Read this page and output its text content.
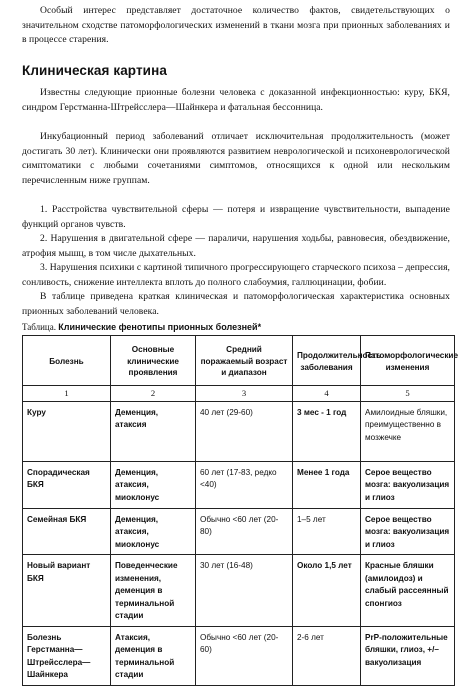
Особый интерес представляет достаточное количество фактов, свидетельствующих о значительном сходстве патоморфологических изменений в ткани мозга при прионных заболеваниях и в процессе старения.
Клиническая картина
Известны следующие прионные болезни человека с доказанной инфекционностью: куру, БКЯ, синдром Герстманна-Штрейсслера—Шайнкера и фатальная бессонница.
Инкубационный период заболеваний отличает исключительная продолжительность (может достигать 30 лет). Клинически они проявляются развитием неврологической и психоневрологической симптоматики с любыми сочетаниями симптомов, относящихся к одной или нескольким перечисленным ниже группам.
1. Расстройства чувствительной сферы — потеря и извращение чувствительности, выпадение функций органов чувств.
2. Нарушения в двигательной сфере — параличи, нарушения ходьбы, равновесия, обездвижение, атрофия мышц, в том числе дыхательных.
3. Нарушения психики с картиной типичного прогрессирующего старческого психоза – депрессия, сонливость, снижение интеллекта вплоть до полного слабоумия, галлюцинации, фобии.
В таблице приведена краткая клиническая и патоморфологическая характеристика основных прионных заболеваний человека.
Таблица. Клинические фенотипы прионных болезней*
Болезнь	Основные клинические проявления	Средний поражаемый возраст и диапазон	Продолжительность заболевания	Патоморфологические изменения
1	2	3	4	5
Куру	Деменция, атаксия	40 лет (29-60)	3 мес - 1 год	Амилоидные бляшки, преимущественно в мозжечке
Спорадическая БКЯ	Деменция, атаксия, миоклонус	60 лет (17-83, редко <40)	Менее 1 года	Серое вещество мозга: вакуолизация и глиоз
Семейная БКЯ	Деменция, атаксия, миоклонус	Обычно <60 лет (20-80)	1–5 лет	Серое вещество мозга: вакуолизация и глиоз
Новый вариант БКЯ	Поведенческие изменения, деменция в терминальной стадии	30 лет (16-48)	Около 1,5 лет	Красные бляшки (амилоидоз) и слабый рассеянный спонгиоз
Болезнь Герстманна—Штрейсслера— Шайнкера	Атаксия, деменция в терминальной стадии	Обычно <60 лет (20-60)	2-6 лет	PrP-положительные бляшки, глиоз, +/– вакуолизация
